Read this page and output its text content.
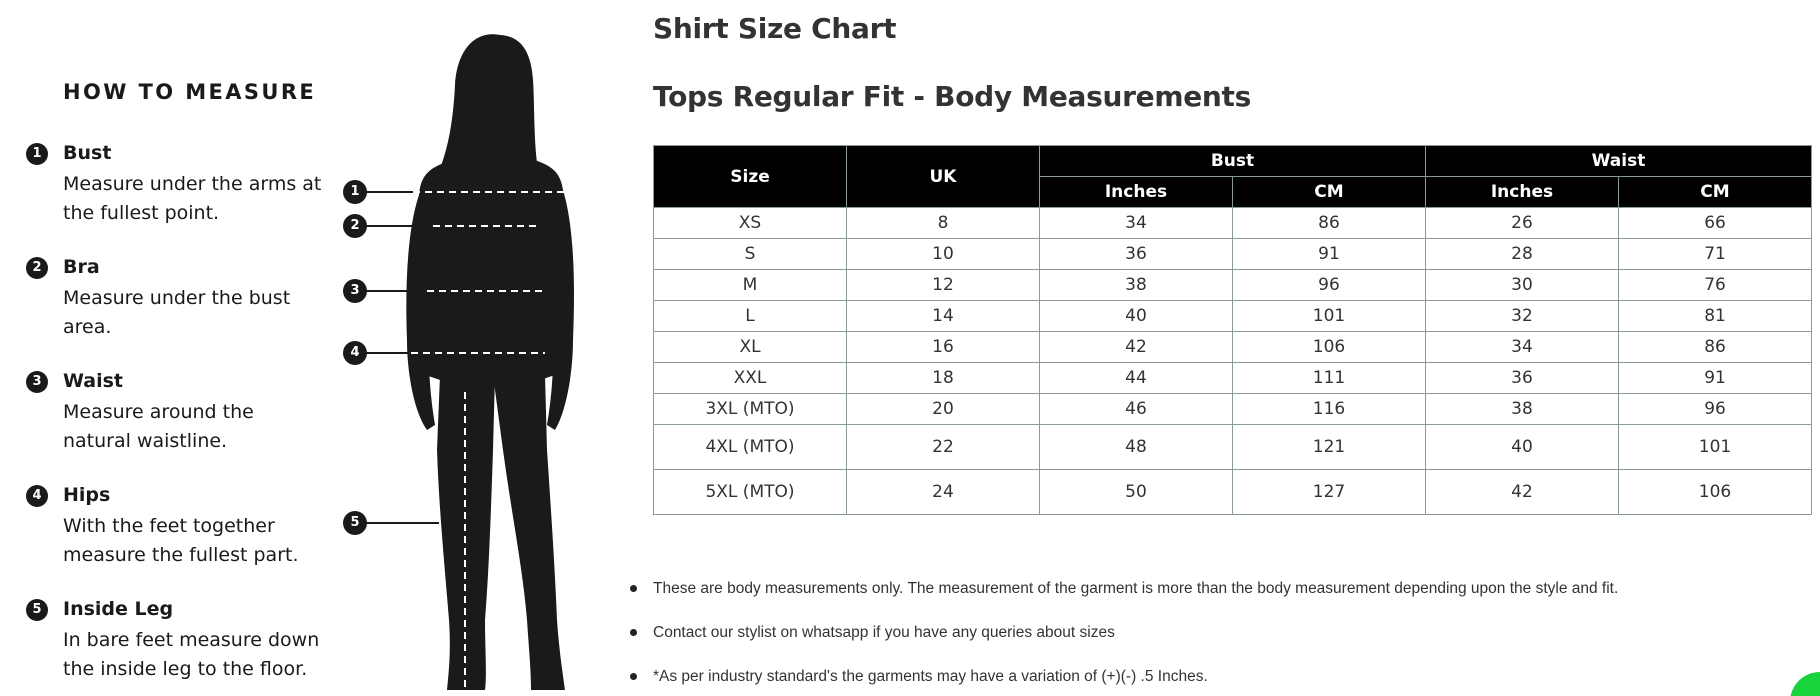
HOW TO MEASURE
1	Bust

Measure under the arms at the fullest point.

2	Bra

Measure under the bust area.

3	Waist

Measure around the natural waistline.

4	Hips

With the feet together measure the fullest part.

5	Inside Leg

In bare feet measure down the inside leg to the floor.

1
2
3
4
5
Shirt Size Chart
Tops Regular Fit - Body Measurements
Size	UK	Bust		Waist	
		Inches	CM	Inches	CM
XS	8	34	86	26	66
S	10	36	91	28	71
M	12	38	96	30	76
L	14	40	101	32	81
XL	16	42	106	34	86
XXL	18	44	111	36	91
3XL (MTO)	20	46	116	38	96
4XL (MTO)	22	48	121	40	101
5XL (MTO)	24	50	127	42	106
These are body measurements only. The measurement of the garment is more than the body measurement depending upon the style and fit.
Contact our stylist on whatsapp if you have any queries about sizes
*As per industry standard's the garments may have a variation of (+)(-) .5 Inches.
